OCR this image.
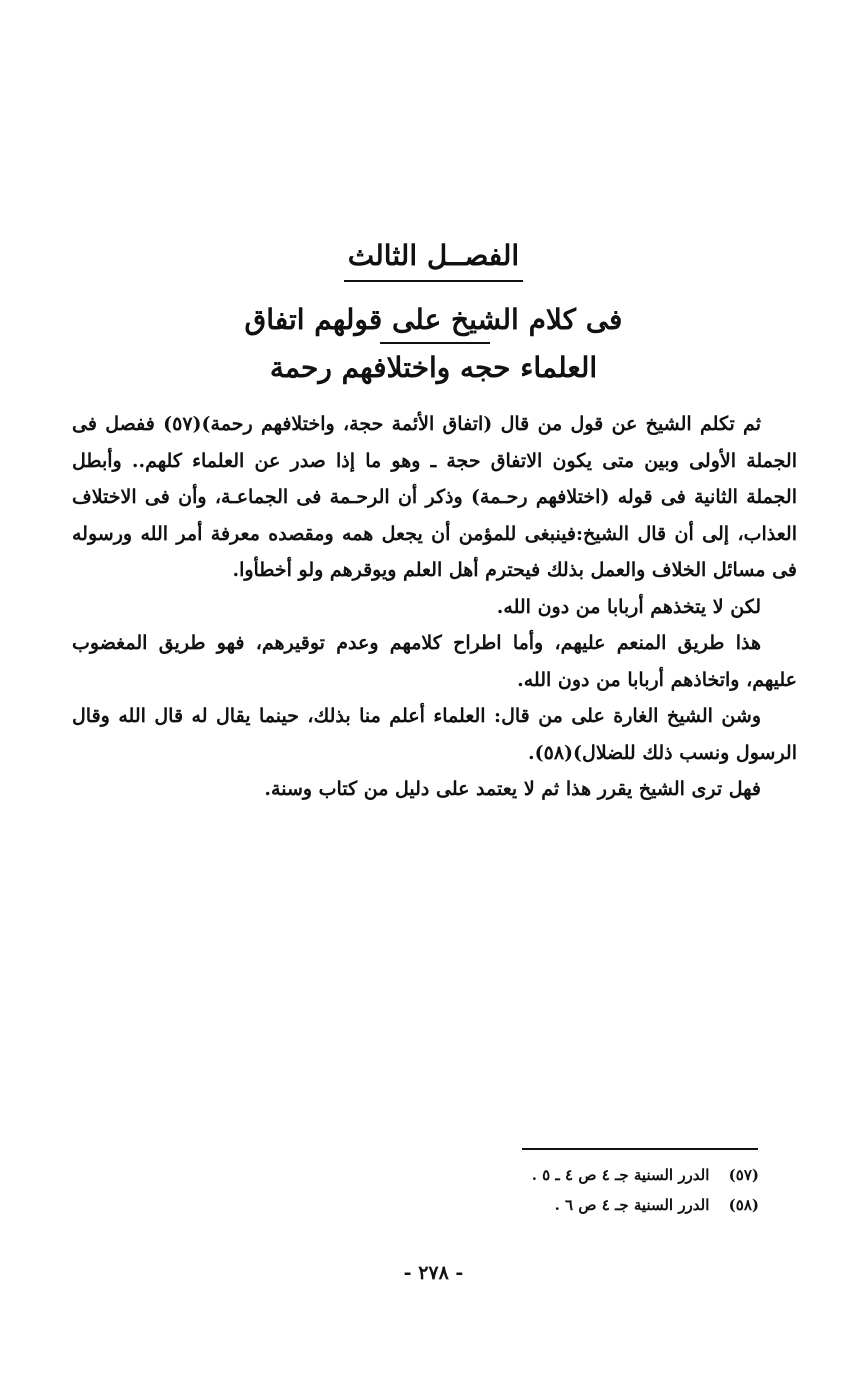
الفصــل الثالث
فى كلام الشيخ على قولهم اتفاق
العلماء حجه واختلافهم رحمة

ثم تكلم الشيخ عن قول من قال (اتفاق الأئمة حجة، واختلافهم رحمة)(٥٧) ففصل فى الجملة الأولى وبين متى يكون الاتفاق حجة ـ وهو ما إذا صدر عن العلماء كلهم.. وأبطل الجملة الثانية فى قوله (اختلافهم رحـمة) وذكر أن الرحـمة فى الجماعـة، وأن فى الاختلاف العذاب، إلى أن قال الشيخ:فينبغى للمؤمن أن يجعل همه ومقصده معرفة أمر الله ورسوله فى مسائل الخلاف والعمل بذلك فيحترم أهل العلم ويوقرهم ولو أخطأوا.

لكن لا يتخذهم أربابا من دون الله.

هذا طريق المنعم عليهم، وأما اطراح كلامهم وعدم توقيرهم، فهو طريق المغضوب عليهم، واتخاذهم أربابا من دون الله.

وشن الشيخ الغارة على من قال: العلماء أعلم منا بذلك، حينما يقال له قال الله وقال الرسول ونسب ذلك للضلال)(٥٨).

فهل ترى الشيخ يقرر هذا ثم لا يعتمد على دليل من كتاب وسنة.

(٥٧) الدرر السنية جـ ٤ ص ٤ ـ ٥ .
(٥٨) الدرر السنية جـ ٤ ص ٦ .
- ٢٧٨ -
